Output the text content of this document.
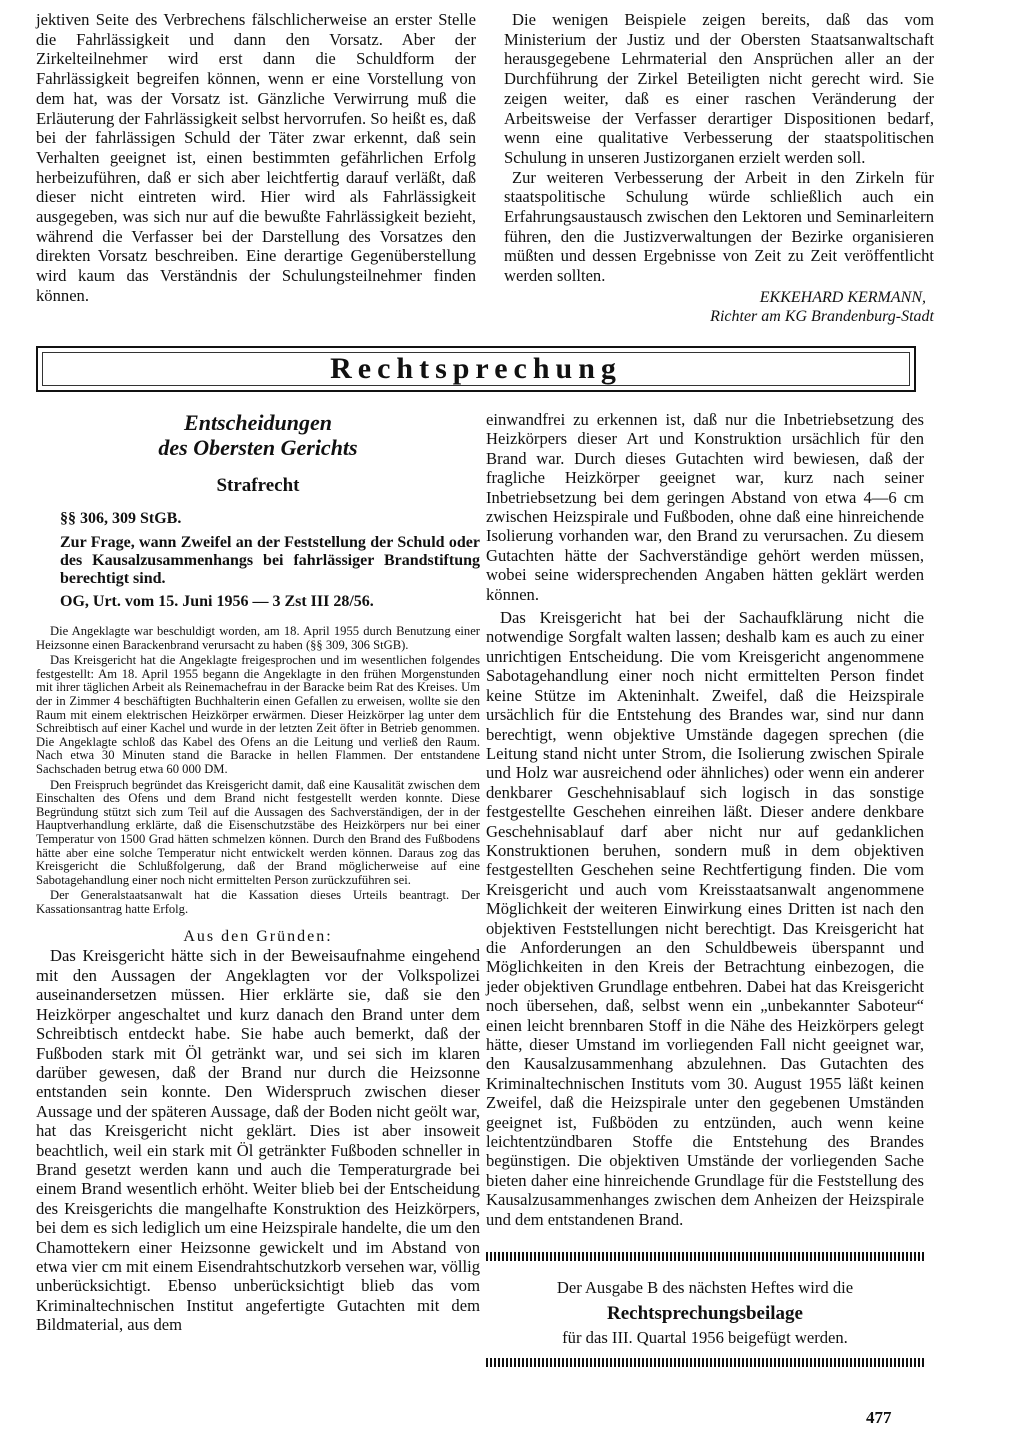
jektiven Seite des Verbrechens fälschlicherweise an erster Stelle die Fahrlässigkeit und dann den Vorsatz. Aber der Zirkelteilnehmer wird erst dann die Schuldform der Fahrlässigkeit begreifen können, wenn er eine Vorstellung von dem hat, was der Vorsatz ist. Gänzliche Verwirrung muß die Erläuterung der Fahrlässigkeit selbst hervorrufen. So heißt es, daß bei der fahrlässigen Schuld der Täter zwar erkennt, daß sein Verhalten geeignet ist, einen bestimmten gefährlichen Erfolg herbeizuführen, daß er sich aber leichtfertig darauf verläßt, daß dieser nicht eintreten wird. Hier wird als Fahrlässigkeit ausgegeben, was sich nur auf die bewußte Fahrlässigkeit bezieht, während die Verfasser bei der Darstellung des Vorsatzes den direkten Vorsatz beschreiben. Eine derartige Gegenüberstellung wird kaum das Verständnis der Schulungsteilnehmer finden können.

Die wenigen Beispiele zeigen bereits, daß das vom Ministerium der Justiz und der Obersten Staatsanwaltschaft herausgegebene Lehrmaterial den Ansprüchen aller an der Durchführung der Zirkel Beteiligten nicht gerecht wird. Sie zeigen weiter, daß es einer raschen Veränderung der Arbeitsweise der Verfasser derartiger Dispositionen bedarf, wenn eine qualitative Verbesserung der staatspolitischen Schulung in unseren Justizorganen erzielt werden soll.

Zur weiteren Verbesserung der Arbeit in den Zirkeln für staatspolitische Schulung würde schließlich auch ein Erfahrungsaustausch zwischen den Lektoren und Seminarleitern führen, den die Justizverwaltungen der Bezirke organisieren müßten und dessen Ergebnisse von Zeit zu Zeit veröffentlicht werden sollten.

EKKEHARD KERMANN,
Richter am KG Brandenburg-Stadt
Rechtsprechung
Entscheidungen
des Obersten Gerichts
Strafrecht
§§ 306, 309 StGB.
Zur Frage, wann Zweifel an der Feststellung der Schuld oder des Kausalzusammenhangs bei fahrlässiger Brandstiftung berechtigt sind.
OG, Urt. vom 15. Juni 1956 — 3 Zst III 28/56.

Die Angeklagte war beschuldigt worden, am 18. April 1955 durch Benutzung einer Heizsonne einen Barackenbrand verursacht zu haben (§§ 309, 306 StGB).

Das Kreisgericht hat die Angeklagte freigesprochen und im wesentlichen folgendes festgestellt: Am 18. April 1955 begann die Angeklagte in den frühen Morgenstunden mit ihrer täglichen Arbeit als Reinemachefrau in der Baracke beim Rat des Kreises. Um der in Zimmer 4 beschäftigten Buchhalterin einen Gefallen zu erweisen, wollte sie den Raum mit einem elektrischen Heizkörper erwärmen. Dieser Heizkörper lag unter dem Schreibtisch auf einer Kachel und wurde in der letzten Zeit öfter in Betrieb genommen. Die Angeklagte schloß das Kabel des Ofens an die Leitung und verließ den Raum. Nach etwa 30 Minuten stand die Baracke in hellen Flammen. Der entstandene Sachschaden betrug etwa 60 000 DM.

Den Freispruch begründet das Kreisgericht damit, daß eine Kausalität zwischen dem Einschalten des Ofens und dem Brand nicht festgestellt werden konnte. Diese Begründung stützt sich zum Teil auf die Aussagen des Sachverständigen, der in der Hauptverhandlung erklärte, daß die Eisenschutzstäbe des Heizkörpers nur bei einer Temperatur von 1500 Grad hätten schmelzen können. Durch den Brand des Fußbodens hätte aber eine solche Temperatur nicht entwickelt werden können. Daraus zog das Kreisgericht die Schlußfolgerung, daß der Brand möglicherweise auf eine Sabotagehandlung einer noch nicht ermittelten Person zurückzuführen sei.

Der Generalstaatsanwalt hat die Kassation dieses Urteils beantragt. Der Kassationsantrag hatte Erfolg.

Aus den Gründen:

Das Kreisgericht hätte sich in der Beweisaufnahme eingehend mit den Aussagen der Angeklagten vor der Volkspolizei auseinandersetzen müssen. Hier erklärte sie, daß sie den Heizkörper angeschaltet und kurz danach den Brand unter dem Schreibtisch entdeckt habe. Sie habe auch bemerkt, daß der Fußboden stark mit Öl getränkt war, und sei sich im klaren darüber gewesen, daß der Brand nur durch die Heizsonne entstanden sein konnte. Den Widerspruch zwischen dieser Aussage und der späteren Aussage, daß der Boden nicht geölt war, hat das Kreisgericht nicht geklärt. Dies ist aber insoweit beachtlich, weil ein stark mit Öl getränkter Fußboden schneller in Brand gesetzt werden kann und auch die Temperaturgrade bei einem Brand wesentlich erhöht. Weiter blieb bei der Entscheidung des Kreisgerichts die mangelhafte Konstruktion des Heizkörpers, bei dem es sich lediglich um eine Heizspirale handelte, die um den Chamottekern einer Heizsonne gewickelt und im Abstand von etwa vier cm mit einem Eisendrahtschutzkorb versehen war, völlig unberücksichtigt. Ebenso unberücksichtigt blieb das vom Kriminaltechnischen Institut angefertigte Gutachten mit dem Bildmaterial, aus dem

einwandfrei zu erkennen ist, daß nur die Inbetriebsetzung des Heizkörpers dieser Art und Konstruktion ursächlich für den Brand war. Durch dieses Gutachten wird bewiesen, daß der fragliche Heizkörper geeignet war, kurz nach seiner Inbetriebsetzung bei dem geringen Abstand von etwa 4—6 cm zwischen Heizspirale und Fußboden, ohne daß eine hinreichende Isolierung vorhanden war, den Brand zu verursachen. Zu diesem Gutachten hätte der Sachverständige gehört werden müssen, wobei seine widersprechenden Angaben hätten geklärt werden können.

Das Kreisgericht hat bei der Sachaufklärung nicht die notwendige Sorgfalt walten lassen; deshalb kam es auch zu einer unrichtigen Entscheidung. Die vom Kreisgericht angenommene Sabotagehandlung einer noch nicht ermittelten Person findet keine Stütze im Akteninhalt. Zweifel, daß die Heizspirale ursächlich für die Entstehung des Brandes war, sind nur dann berechtigt, wenn objektive Umstände dagegen sprechen (die Leitung stand nicht unter Strom, die Isolierung zwischen Spirale und Holz war ausreichend oder ähnliches) oder wenn ein anderer denkbarer Geschehnisablauf sich logisch in das sonstige festgestellte Geschehen einreihen läßt. Dieser andere denkbare Geschehnisablauf darf aber nicht nur auf gedanklichen Konstruktionen beruhen, sondern muß in dem objektiven festgestellten Geschehen seine Rechtfertigung finden. Die vom Kreisgericht und auch vom Kreisstaatsanwalt angenommene Möglichkeit der weiteren Einwirkung eines Dritten ist nach den objektiven Feststellungen nicht berechtigt. Das Kreisgericht hat die Anforderungen an den Schuldbeweis überspannt und Möglichkeiten in den Kreis der Betrachtung einbezogen, die jeder objektiven Grundlage entbehren. Dabei hat das Kreisgericht noch übersehen, daß, selbst wenn ein „unbekannter Saboteur“ einen leicht brennbaren Stoff in die Nähe des Heizkörpers gelegt hätte, dieser Umstand im vorliegenden Fall nicht geeignet war, den Kausalzusammenhang abzulehnen. Das Gutachten des Kriminaltechnischen Instituts vom 30. August 1955 läßt keinen Zweifel, daß die Heizspirale unter den gegebenen Umständen geeignet ist, Fußböden zu entzünden, auch wenn keine leichtentzündbaren Stoffe die Entstehung des Brandes begünstigen. Die objektiven Umstände der vorliegenden Sache bieten daher eine hinreichende Grundlage für die Feststellung des Kausalzusammenhanges zwischen dem Anheizen der Heizspirale und dem entstandenen Brand.

Der Ausgabe B des nächsten Heftes wird die
Rechtsprechungsbeilage
für das III. Quartal 1956 beigefügt werden.
477
